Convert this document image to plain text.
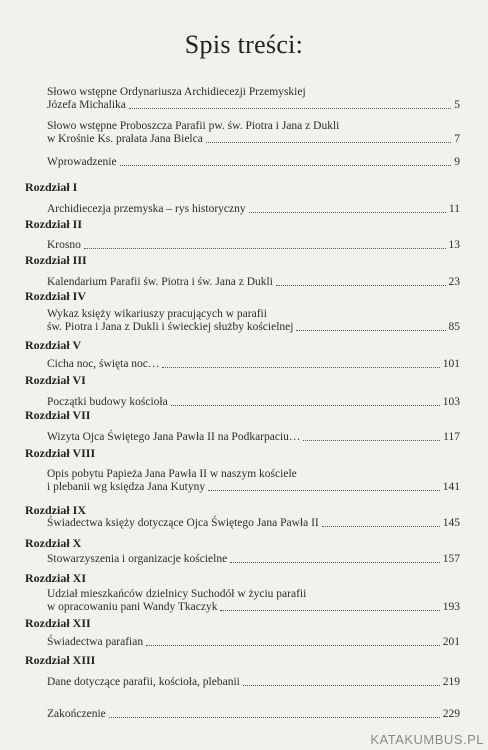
Spis treści:
Słowo wstępne Ordynariusza Archidiecezji Przemyskiej
Józefa Michalika	5
Słowo wstępne Proboszcza Parafii pw. św. Piotra i Jana z Dukli
w Krośnie Ks. prałata Jana Bielca	7
Wprowadzenie	9
Rozdział I
Archidiecezja przemyska – rys historyczny	11
Rozdział II
Krosno	13
Rozdział III
Kalendarium Parafii św. Piotra i św. Jana z Dukli	23
Rozdział IV
Wykaz księży wikariuszy pracujących w parafii
św. Piotra i Jana z Dukli i świeckiej służby kościelnej	85
Rozdział V
Cicha noc, święta noc…	101
Rozdział VI
Początki budowy kościoła	103
Rozdział VII
Wizyta Ojca Świętego Jana Pawła II na Podkarpaciu…	117
Rozdział VIII
Opis pobytu Papieża Jana Pawła II w naszym kościele
i plebanii wg księdza Jana Kutyny	141
Rozdział IX
Świadectwa księży dotyczące Ojca Świętego Jana Pawła II	145
Rozdział X
Stowarzyszenia i organizacje kościelne	157
Rozdział XI
Udział mieszkańców dzielnicy Suchodół w życiu parafii
w opracowaniu pani Wandy Tkaczyk	193
Rozdział XII
Świadectwa parafian	201
Rozdział XIII
Dane dotyczące parafii, kościoła, plebanii	219
Zakończenie	229
KATAKUMBUS.PL
